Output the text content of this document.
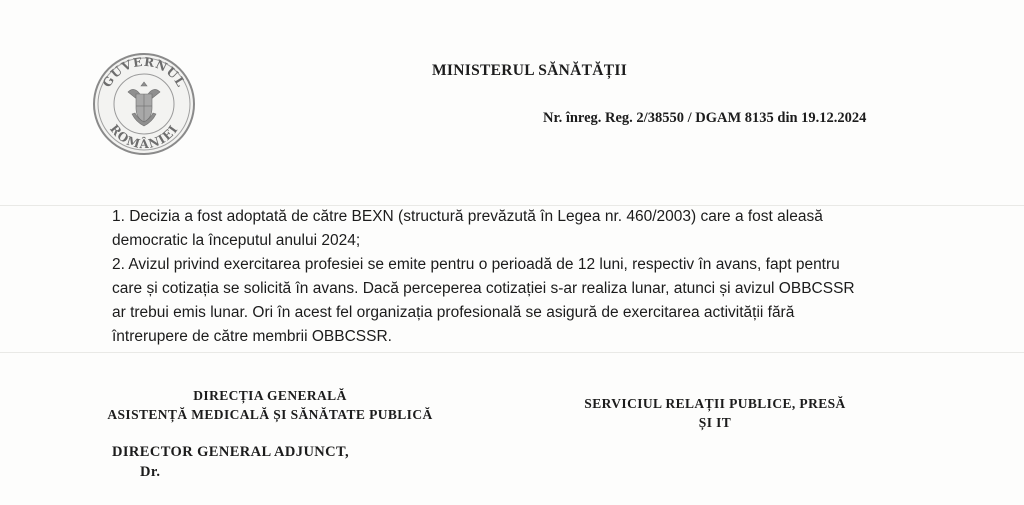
GUVERNUL
ROMÂNIEI
MINISTERUL SĂNĂTĂȚII
Nr. înreg. Reg. 2/38550 / DGAM 8135 din 19.12.2024

1. Decizia a fost adoptată de către BEXN (structură prevăzută în Legea nr. 460/2003) care a fost aleasă

democratic la începutul anului 2024;

2. Avizul privind exercitarea profesiei se emite pentru o perioadă de 12 luni, respectiv în avans, fapt pentru

care și cotizația se solicită în avans. Dacă perceperea cotizației s-ar realiza lunar, atunci și avizul OBBCSSR

ar trebui emis lunar. Ori în acest fel organizația profesională se asigură de exercitarea activității fără

întrerupere de către membrii OBBCSSR.

DIRECȚIA GENERALĂ
ASISTENȚĂ MEDICALĂ ȘI SĂNĂTATE PUBLICĂ
DIRECTOR GENERAL ADJUNCT,
Dr.
SERVICIUL RELAȚII PUBLICE, PRESĂ
ȘI IT
